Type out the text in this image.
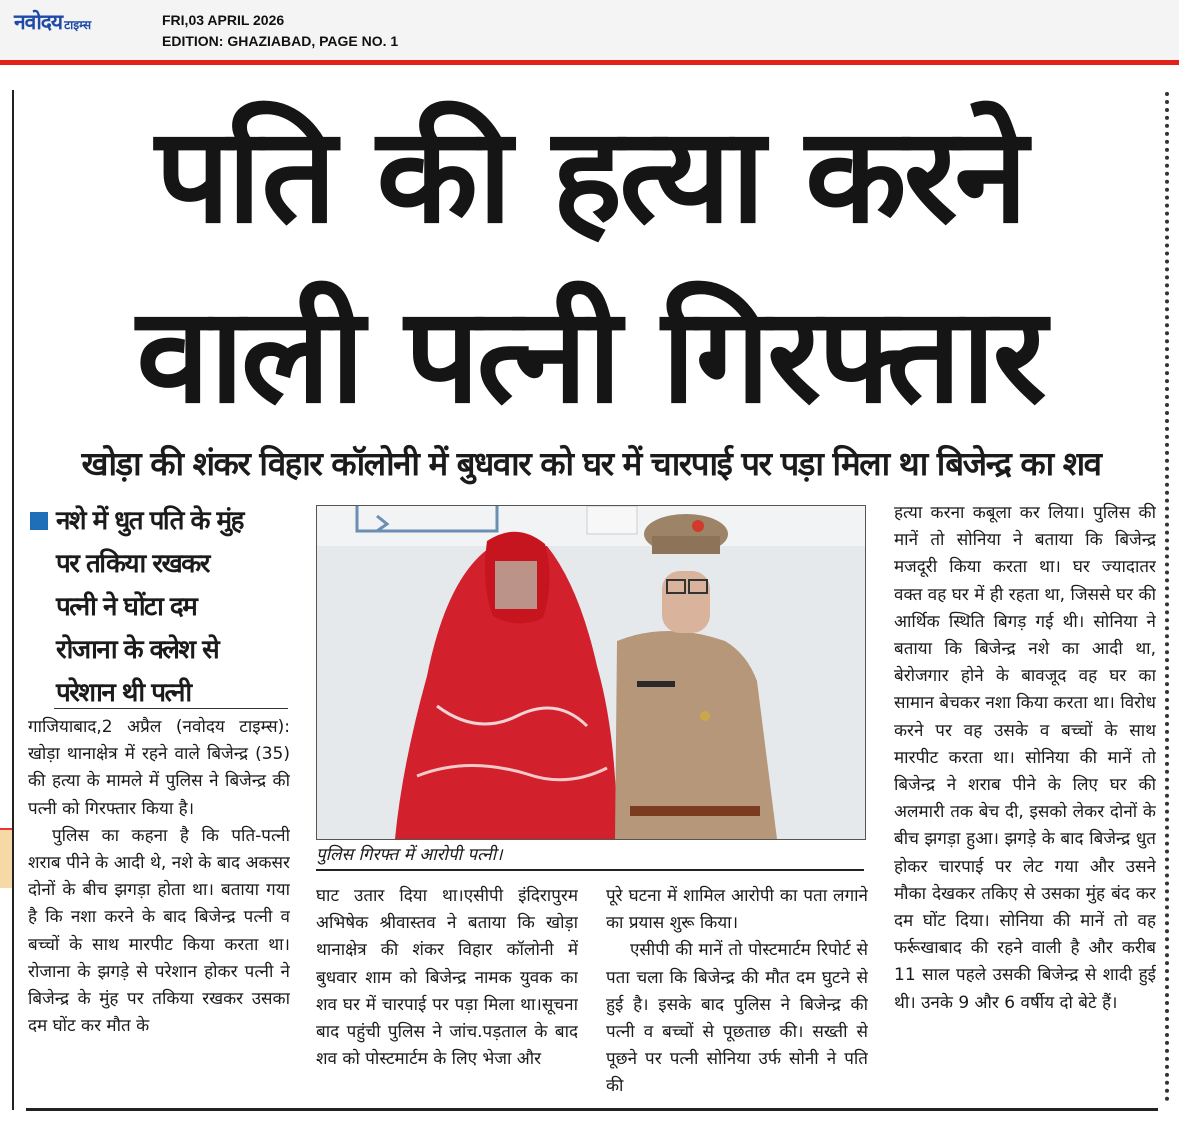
नवोदय टाइम्स	FRI,03 APRIL 2026
EDITION: GHAZIABAD, PAGE NO. 1
पति की हत्या करने
वाली पत्नी गिरफ्तार
खोड़ा की शंकर विहार कॉलोनी में बुधवार को घर में चारपाई पर पड़ा मिला था बिजेन्द्र का शव
नशे में धुत पति के मुंह
पर तकिया रखकर
पत्नी ने घोंटा दम
रोजाना के क्लेश से
परेशान थी पत्नी

गाजियाबाद,2 अप्रैल (नवोदय टाइम्स): खोड़ा थानाक्षेत्र में रहने वाले बिजेन्द्र (35) की हत्या के मामले में पुलिस ने बिजेन्द्र की पत्नी को गिरफ्तार किया है।

पुलिस का कहना है कि पति-पत्नी शराब पीने के आदी थे, नशे के बाद अकसर दोनों के बीच झगड़ा होता था। बताया गया है कि नशा करने के बाद बिजेन्द्र पत्नी व बच्चों के साथ मारपीट किया करता था। रोजाना के झगड़े से परेशान होकर पत्नी ने बिजेन्द्र के मुंह पर तकिया रखकर उसका दम घोंट कर मौत के

पुलिस गिरफ्त में आरोपी पत्नी।

घाट उतार दिया था।एसीपी इंदिरापुरम अभिषेक श्रीवास्तव ने बताया कि खोड़ा थानाक्षेत्र की शंकर विहार कॉलोनी में बुधवार शाम को बिजेन्द्र नामक युवक का शव घर में चारपाई पर पड़ा मिला था।सूचना बाद पहुंची पुलिस ने जांच.पड़ताल के बाद शव को पोस्टमार्टम के लिए भेजा और

पूरे घटना में शामिल आरोपी का पता लगाने का प्रयास शुरू किया।

एसीपी की मानें तो पोस्टमार्टम रिपोर्ट से पता चला कि बिजेन्द्र की मौत दम घुटने से हुई है। इसके बाद पुलिस ने बिजेन्द्र की पत्नी व बच्चों से पूछताछ की। सख्ती से पूछने पर पत्नी सोनिया उर्फ सोनी ने पति की

हत्या करना कबूला कर लिया। पुलिस की मानें तो सोनिया ने बताया कि बिजेन्द्र मजदूरी किया करता था। घर ज्यादातर वक्त वह घर में ही रहता था, जिससे घर की आर्थिक स्थिति बिगड़ गई थी। सोनिया ने बताया कि बिजेन्द्र नशे का आदी था, बेरोजगार होने के बावजूद वह घर का सामान बेचकर नशा किया करता था। विरोध करने पर वह उसके व बच्चों के साथ मारपीट करता था। सोनिया की मानें तो बिजेन्द्र ने शराब पीने के लिए घर की अलमारी तक बेच दी, इसको लेकर दोनों के बीच झगड़ा हुआ। झगड़े के बाद बिजेन्द्र धुत होकर चारपाई पर लेट गया और उसने मौका देखकर तकिए से उसका मुंह बंद कर दम घोंट दिया। सोनिया की मानें तो वह फर्रूखाबाद की रहने वाली है और करीब 11 साल पहले उसकी बिजेन्द्र से शादी हुई थी। उनके 9 और 6 वर्षीय दो बेटे हैं।
